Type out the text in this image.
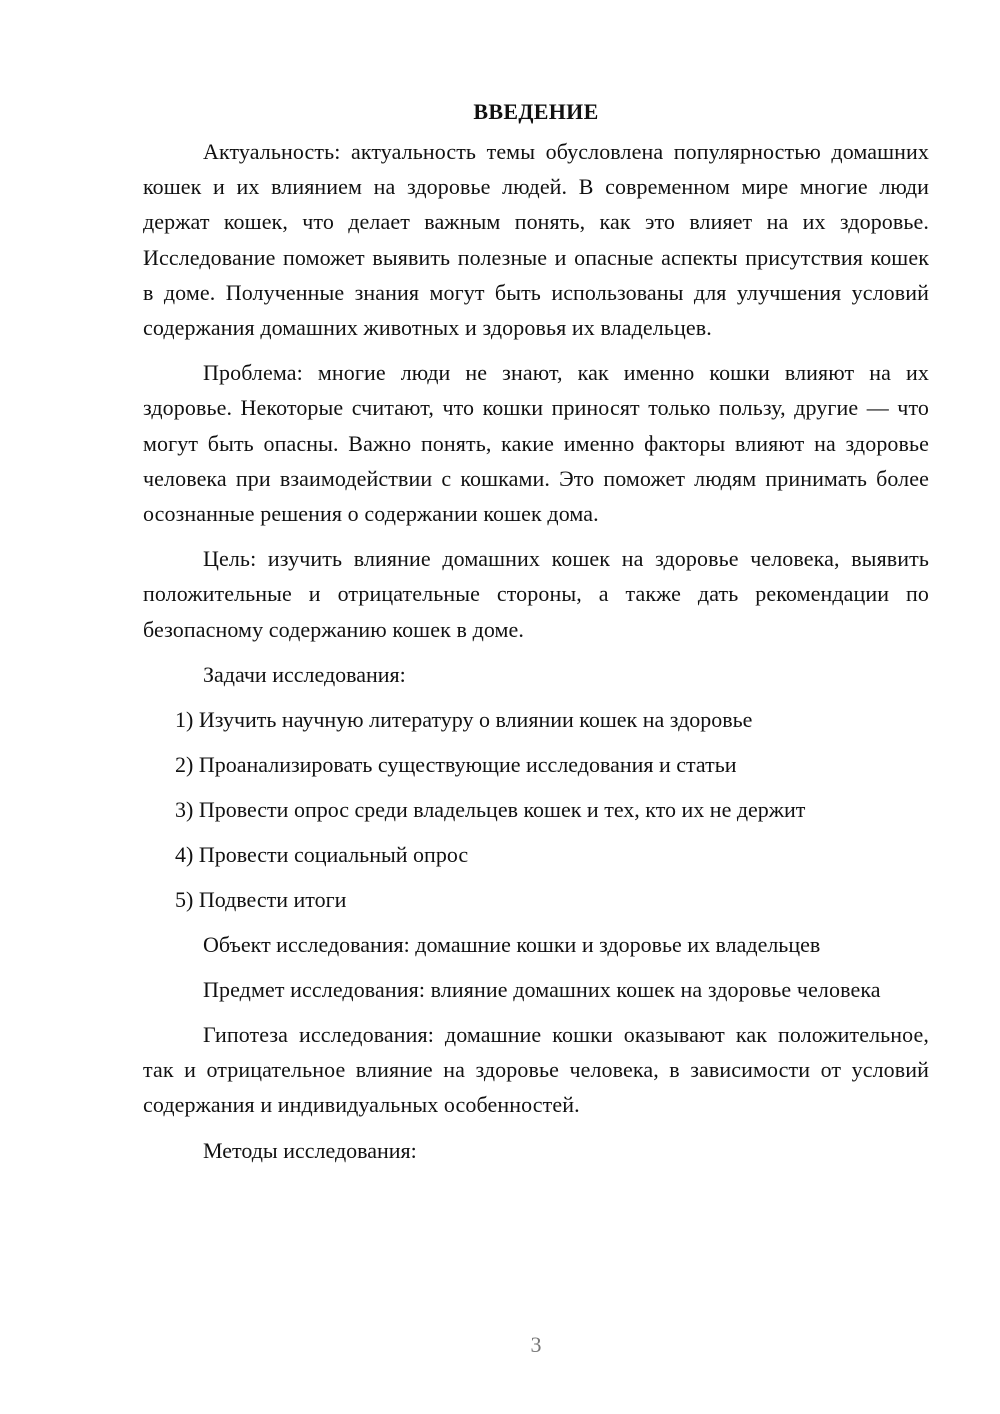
ВВЕДЕНИЕ

Актуальность: актуальность темы обусловлена популярностью домашних кошек и их влиянием на здоровье людей. В современном мире многие люди держат кошек, что делает важным понять, как это влияет на их здоровье. Исследование поможет выявить полезные и опасные аспекты присутствия кошек в доме. Полученные знания могут быть использованы для улучшения условий содержания домашних животных и здоровья их владельцев.

Проблема: многие люди не знают, как именно кошки влияют на их здоровье. Некоторые считают, что кошки приносят только пользу, другие — что могут быть опасны. Важно понять, какие именно факторы влияют на здоровье человека при взаимодействии с кошками. Это поможет людям принимать более осознанные решения о содержании кошек дома.

Цель: изучить влияние домашних кошек на здоровье человека, выявить положительные и отрицательные стороны, а также дать рекомендации по безопасному содержанию кошек в доме.

Задачи исследования:

1) Изучить научную литературу о влиянии кошек на здоровье
2) Проанализировать существующие исследования и статьи
3) Провести опрос среди владельцев кошек и тех, кто их не держит
4) Провести социальный опрос
5) Подвести итоги

Объект исследования: домашние кошки и здоровье их владельцев

Предмет исследования: влияние домашних кошек на здоровье человека

Гипотеза исследования: домашние кошки оказывают как положительное, так и отрицательное влияние на здоровье человека, в зависимости от условий содержания и индивидуальных особенностей.

Методы исследования:

3
